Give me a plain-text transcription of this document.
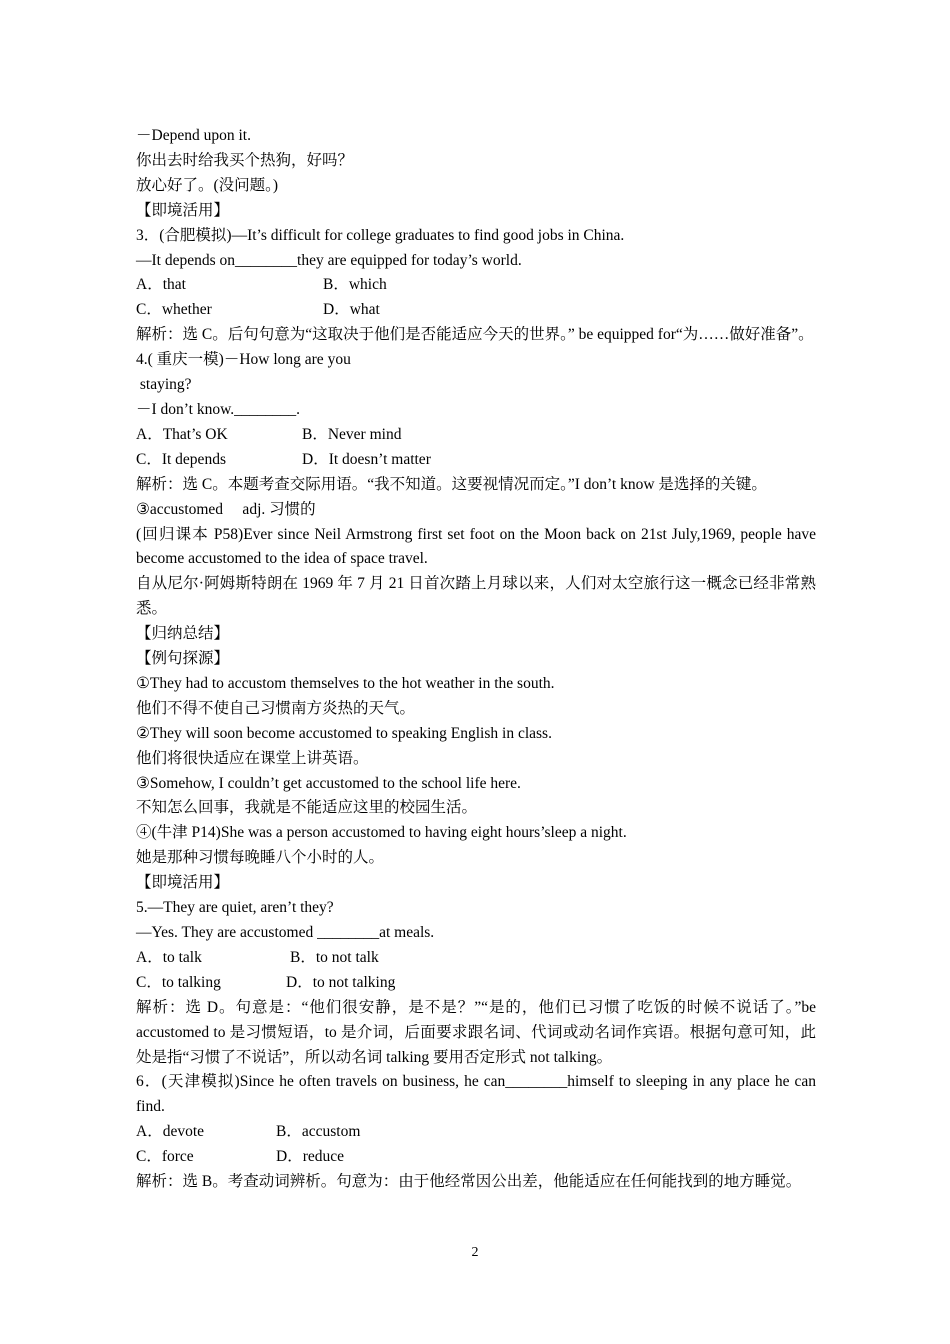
－Depend upon it.
你出去时给我买个热狗，好吗？
放心好了。(没问题。)
【即境活用】
3．(合肥模拟)—It’s difficult for college graduates to find good jobs in China.
—It depends on________they are equipped for today’s world.
A．that	B．which
C．whether	D．what
解析：选 C。后句句意为“这取决于他们是否能适应今天的世界。” be equipped for“为……做好准备”。
4.( 重庆一模)－How long are you
staying?
－I don’t know.________.
A．That’s OK	B．Never mind
C．It depends	D．It doesn’t matter
解析：选 C。本题考查交际用语。“我不知道。这要视情况而定。”I don’t know 是选择的关键。
③accustomed     adj. 习惯的
(回归课本 P58)Ever since Neil Armstrong first set foot on the Moon back on 21st July,1969, people have become accustomed to the idea of space travel.
自从尼尔·阿姆斯特朗在 1969 年 7 月 21 日首次踏上月球以来，人们对太空旅行这一概念已经非常熟悉。
【归纳总结】
【例句探源】
①They had to accustom themselves to the hot weather in the south.
他们不得不使自己习惯南方炎热的天气。
②They will soon become accustomed to speaking English in class.
他们将很快适应在课堂上讲英语。
③Somehow, I couldn’t get accustomed to the school life here.
不知怎么回事，我就是不能适应这里的校园生活。
④(牛津 P14)She was a person accustomed to having eight hours’sleep a night.
她是那种习惯每晚睡八个小时的人。
【即境活用】
5.—They are quiet, aren’t they?
—Yes. They are accustomed ________at meals.
A．to talk	B．to not talk
C．to talking	D．to not talking
解析：选 D。句意是：“他们很安静，是不是？”“是的，他们已习惯了吃饭的时候不说话了。”be accustomed to 是习惯短语，to 是介词，后面要求跟名词、代词或动名词作宾语。根据句意可知，此处是指“习惯了不说话”，所以动名词 talking 要用否定形式 not talking。
6．(天津模拟)Since he often travels on business, he can________himself to sleeping in any place he can find.
A．devote	B．accustom
C．force	D．reduce
解析：选 B。考查动词辨析。句意为：由于他经常因公出差，他能适应在任何能找到的地方睡觉。
2
